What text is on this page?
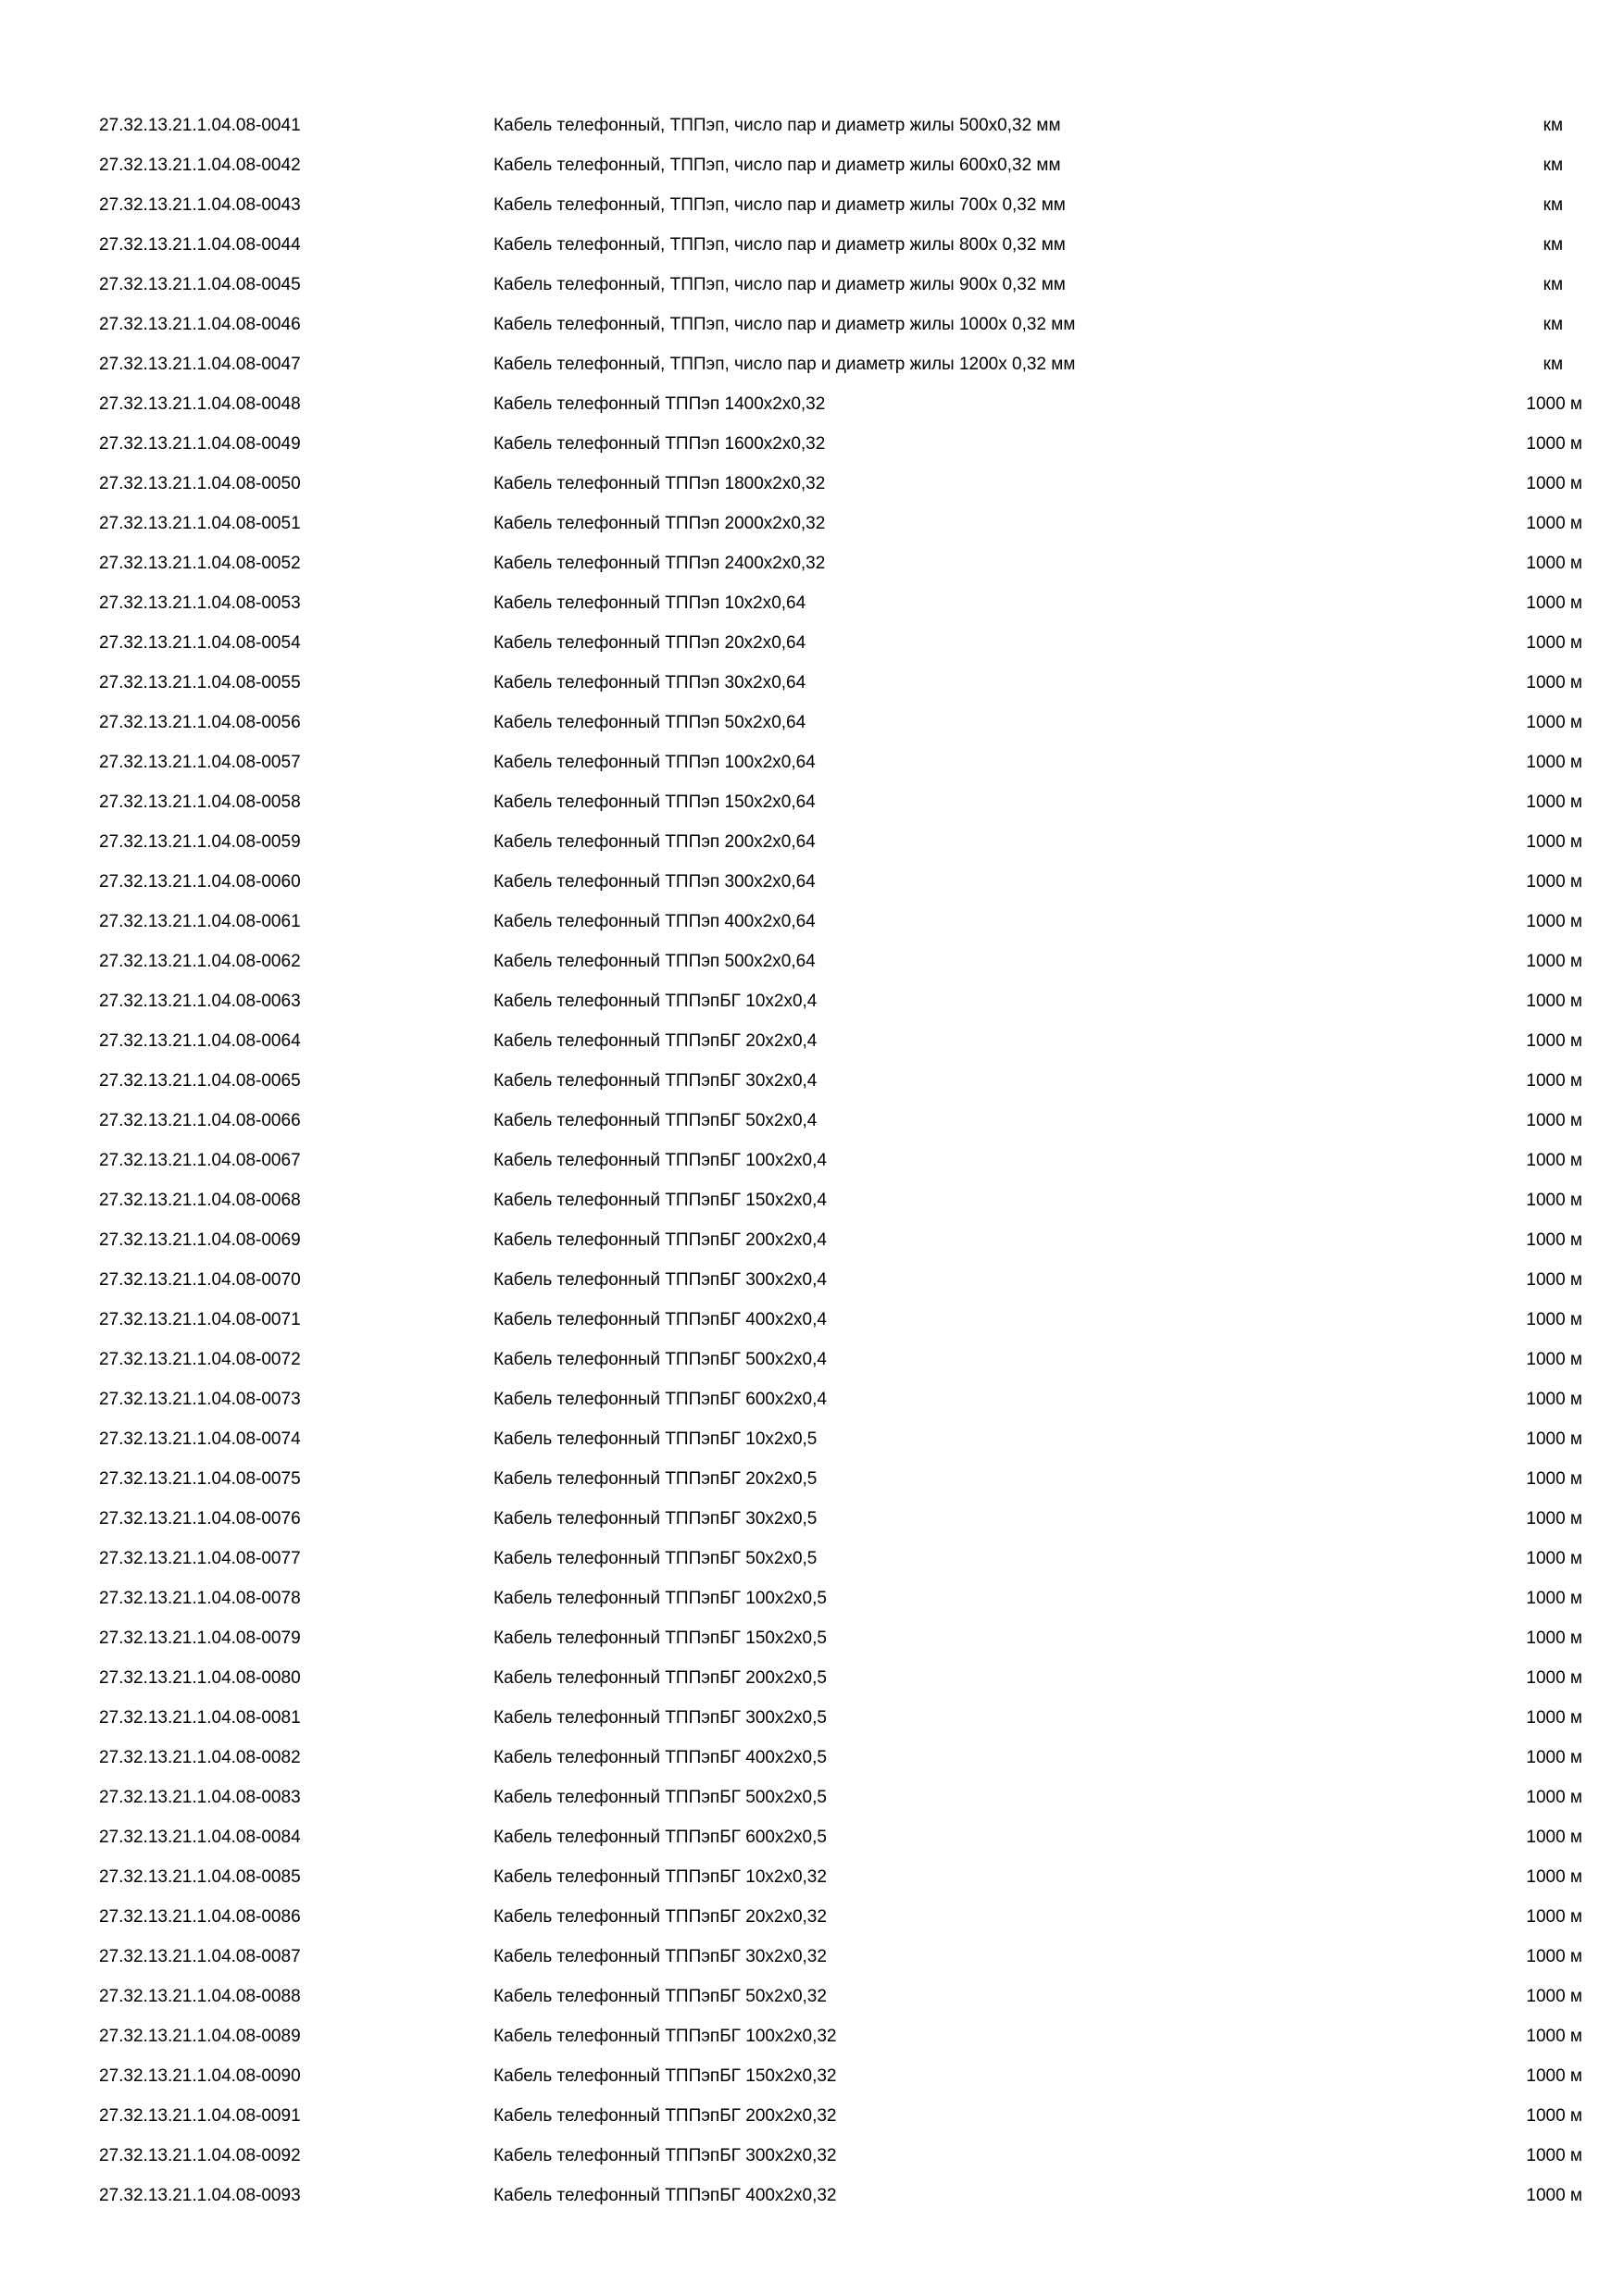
27.32.13.21.1.04.08-0041	Кабель телефонный, ТППэп, число пар и диаметр жилы 500х0,32 мм	км
27.32.13.21.1.04.08-0042	Кабель телефонный, ТППэп, число пар и диаметр жилы 600х0,32 мм	км
27.32.13.21.1.04.08-0043	Кабель телефонный, ТППэп, число пар и диаметр жилы 700х 0,32 мм	км
27.32.13.21.1.04.08-0044	Кабель телефонный, ТППэп, число пар и диаметр жилы 800х 0,32 мм	км
27.32.13.21.1.04.08-0045	Кабель телефонный, ТППэп, число пар и диаметр жилы 900х 0,32 мм	км
27.32.13.21.1.04.08-0046	Кабель телефонный, ТППэп, число пар и диаметр жилы 1000х 0,32 мм	км
27.32.13.21.1.04.08-0047	Кабель телефонный, ТППэп, число пар и диаметр жилы 1200х 0,32 мм	км
27.32.13.21.1.04.08-0048	Кабель телефонный ТППэп 1400х2х0,32	1000 м
27.32.13.21.1.04.08-0049	Кабель телефонный ТППэп 1600х2х0,32	1000 м
27.32.13.21.1.04.08-0050	Кабель телефонный ТППэп 1800х2х0,32	1000 м
27.32.13.21.1.04.08-0051	Кабель телефонный ТППэп 2000х2х0,32	1000 м
27.32.13.21.1.04.08-0052	Кабель телефонный ТППэп 2400х2х0,32	1000 м
27.32.13.21.1.04.08-0053	Кабель телефонный ТППэп 10х2х0,64	1000 м
27.32.13.21.1.04.08-0054	Кабель телефонный ТППэп 20х2х0,64	1000 м
27.32.13.21.1.04.08-0055	Кабель телефонный ТППэп 30х2х0,64	1000 м
27.32.13.21.1.04.08-0056	Кабель телефонный ТППэп 50х2х0,64	1000 м
27.32.13.21.1.04.08-0057	Кабель телефонный ТППэп 100х2х0,64	1000 м
27.32.13.21.1.04.08-0058	Кабель телефонный ТППэп 150х2х0,64	1000 м
27.32.13.21.1.04.08-0059	Кабель телефонный ТППэп 200х2х0,64	1000 м
27.32.13.21.1.04.08-0060	Кабель телефонный ТППэп 300х2х0,64	1000 м
27.32.13.21.1.04.08-0061	Кабель телефонный ТППэп 400х2х0,64	1000 м
27.32.13.21.1.04.08-0062	Кабель телефонный ТППэп 500х2х0,64	1000 м
27.32.13.21.1.04.08-0063	Кабель телефонный ТППэпБГ 10х2х0,4	1000 м
27.32.13.21.1.04.08-0064	Кабель телефонный ТППэпБГ 20х2х0,4	1000 м
27.32.13.21.1.04.08-0065	Кабель телефонный ТППэпБГ 30х2х0,4	1000 м
27.32.13.21.1.04.08-0066	Кабель телефонный ТППэпБГ 50х2х0,4	1000 м
27.32.13.21.1.04.08-0067	Кабель телефонный ТППэпБГ 100х2х0,4	1000 м
27.32.13.21.1.04.08-0068	Кабель телефонный ТППэпБГ 150х2х0,4	1000 м
27.32.13.21.1.04.08-0069	Кабель телефонный ТППэпБГ 200х2х0,4	1000 м
27.32.13.21.1.04.08-0070	Кабель телефонный ТППэпБГ 300х2х0,4	1000 м
27.32.13.21.1.04.08-0071	Кабель телефонный ТППэпБГ 400х2х0,4	1000 м
27.32.13.21.1.04.08-0072	Кабель телефонный ТППэпБГ 500х2х0,4	1000 м
27.32.13.21.1.04.08-0073	Кабель телефонный ТППэпБГ 600х2х0,4	1000 м
27.32.13.21.1.04.08-0074	Кабель телефонный ТППэпБГ 10х2х0,5	1000 м
27.32.13.21.1.04.08-0075	Кабель телефонный ТППэпБГ 20х2х0,5	1000 м
27.32.13.21.1.04.08-0076	Кабель телефонный ТППэпБГ 30х2х0,5	1000 м
27.32.13.21.1.04.08-0077	Кабель телефонный ТППэпБГ 50х2х0,5	1000 м
27.32.13.21.1.04.08-0078	Кабель телефонный ТППэпБГ 100х2х0,5	1000 м
27.32.13.21.1.04.08-0079	Кабель телефонный ТППэпБГ 150х2х0,5	1000 м
27.32.13.21.1.04.08-0080	Кабель телефонный ТППэпБГ 200х2х0,5	1000 м
27.32.13.21.1.04.08-0081	Кабель телефонный ТППэпБГ 300х2х0,5	1000 м
27.32.13.21.1.04.08-0082	Кабель телефонный ТППэпБГ 400х2х0,5	1000 м
27.32.13.21.1.04.08-0083	Кабель телефонный ТППэпБГ 500х2х0,5	1000 м
27.32.13.21.1.04.08-0084	Кабель телефонный ТППэпБГ 600х2х0,5	1000 м
27.32.13.21.1.04.08-0085	Кабель телефонный ТППэпБГ 10х2х0,32	1000 м
27.32.13.21.1.04.08-0086	Кабель телефонный ТППэпБГ 20х2х0,32	1000 м
27.32.13.21.1.04.08-0087	Кабель телефонный ТППэпБГ 30х2х0,32	1000 м
27.32.13.21.1.04.08-0088	Кабель телефонный ТППэпБГ 50х2х0,32	1000 м
27.32.13.21.1.04.08-0089	Кабель телефонный ТППэпБГ 100х2х0,32	1000 м
27.32.13.21.1.04.08-0090	Кабель телефонный ТППэпБГ 150х2х0,32	1000 м
27.32.13.21.1.04.08-0091	Кабель телефонный ТППэпБГ 200х2х0,32	1000 м
27.32.13.21.1.04.08-0092	Кабель телефонный ТППэпБГ 300х2х0,32	1000 м
27.32.13.21.1.04.08-0093	Кабель телефонный ТППэпБГ 400х2х0,32	1000 м
